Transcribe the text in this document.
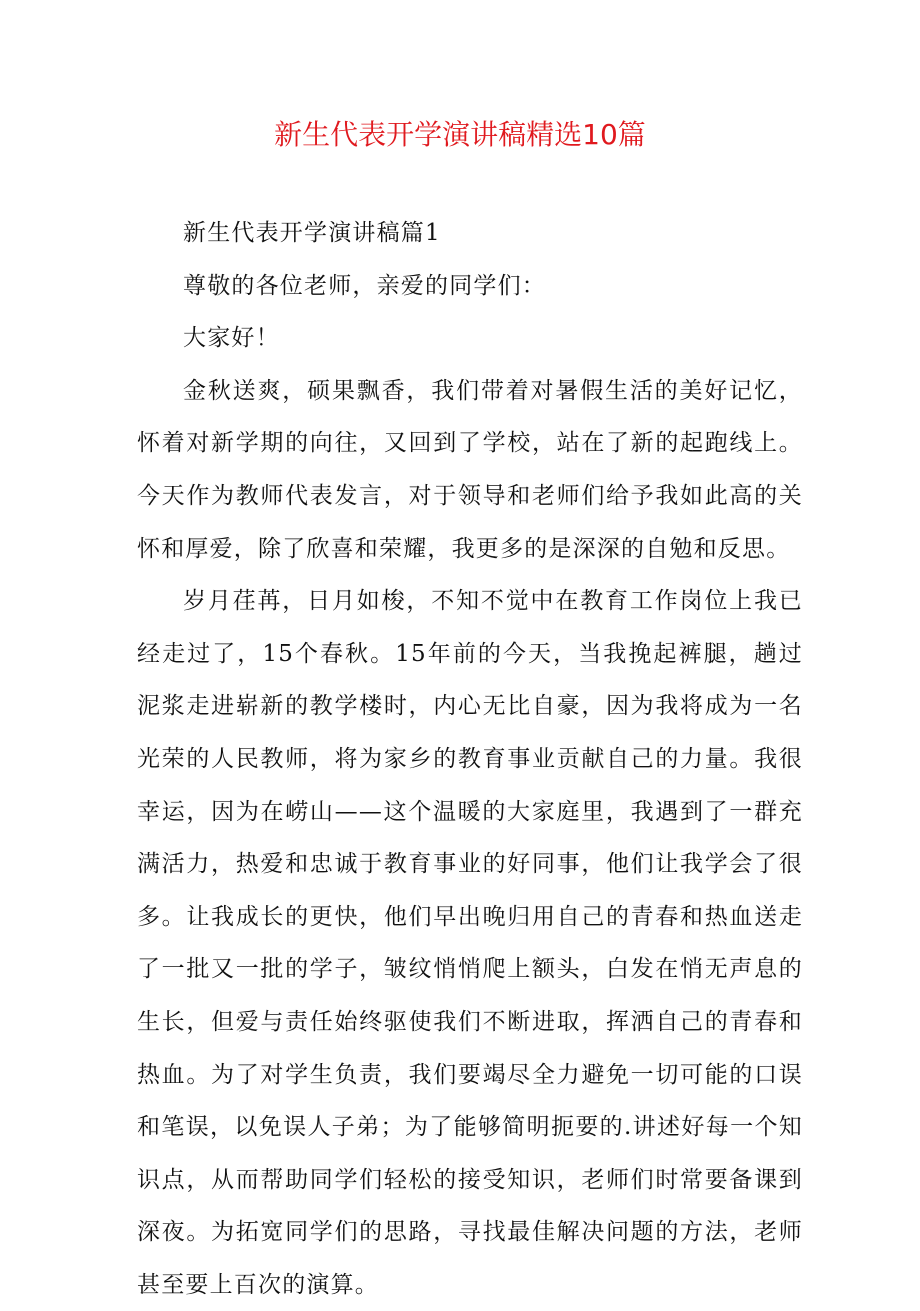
新生代表开学演讲稿精选10篇

新生代表开学演讲稿篇1

尊敬的各位老师，亲爱的同学们：

大家好！

金秋送爽，硕果飘香，我们带着对暑假生活的美好记忆，怀着对新学期的向往，又回到了学校，站在了新的起跑线上。今天作为教师代表发言，对于领导和老师们给予我如此高的关怀和厚爱，除了欣喜和荣耀，我更多的是深深的自勉和反思。

岁月荏苒，日月如梭，不知不觉中在教育工作岗位上我已经走过了，15个春秋。15年前的今天，当我挽起裤腿，趟过泥浆走进崭新的教学楼时，内心无比自豪，因为我将成为一名光荣的人民教师，将为家乡的教育事业贡献自己的力量。我很幸运，因为在崂山——这个温暖的大家庭里，我遇到了一群充满活力，热爱和忠诚于教育事业的好同事，他们让我学会了很多。让我成长的更快，他们早出晚归用自己的青春和热血送走了一批又一批的学子，皱纹悄悄爬上额头，白发在悄无声息的生长，但爱与责任始终驱使我们不断进取，挥洒自己的青春和热血。为了对学生负责，我们要竭尽全力避免一切可能的口误和笔误，以免误人子弟；为了能够简明扼要的.讲述好每一个知识点，从而帮助同学们轻松的接受知识，老师们时常要备课到深夜。为拓宽同学们的思路，寻找最佳解决问题的方法，老师甚至要上百次的演算。
